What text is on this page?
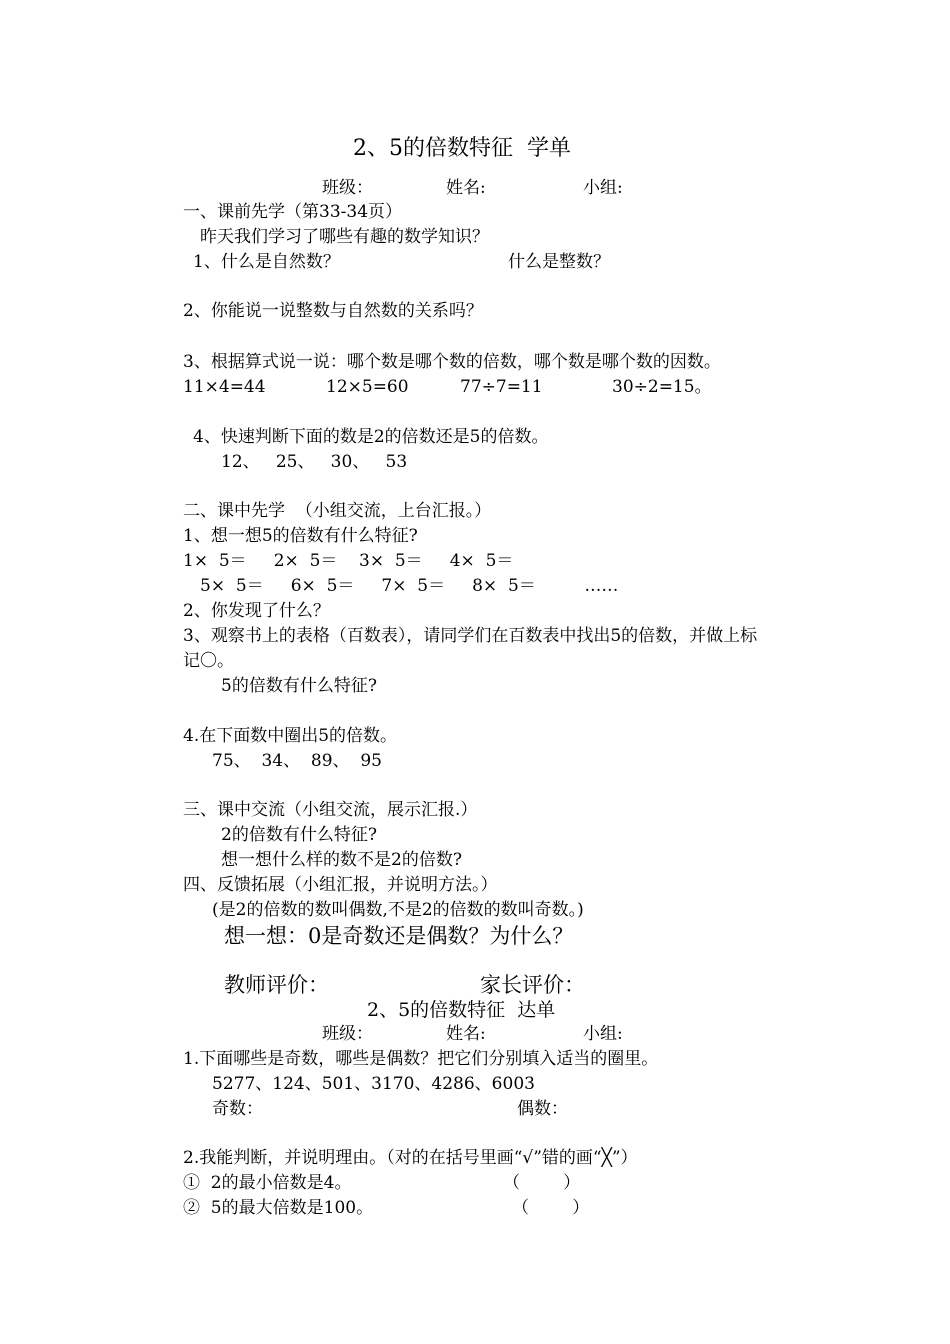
2、5的倍数特征  学单
班级：	姓名:	小组:
一、课前先学（第33-34页）
昨天我们学习了哪些有趣的数学知识？
1、什么是自然数？	什么是整数？
2、你能说一说整数与自然数的关系吗？
3、根据算式说一说：哪个数是哪个数的倍数，哪个数是哪个数的因数。
11×4=44	12×5=60	77÷7=11	30÷2=15。
4、快速判断下面的数是2的倍数还是5的倍数。
12、   25、   30、   53
二、课中先学  （小组交流，上台汇报。）
1、想一想5的倍数有什么特征?
1×  5＝     2×  5＝    3×  5＝     4×  5＝
5×  5＝     6×  5＝     7×  5＝     8×  5＝         ……
2、你发现了什么？
3、观察书上的表格（百数表），请同学们在百数表中找出5的倍数，并做上标
记〇。
5的倍数有什么特征?
4.在下面数中圈出5的倍数。
75、  34、  89、  95
三、课中交流（小组交流，展示汇报.）
2的倍数有什么特征?
想一想什么样的数不是2的倍数?
四、反馈拓展（小组汇报，并说明方法。）
(是2的倍数的数叫偶数,不是2的倍数的数叫奇数。)
想一想：0是奇数还是偶数？为什么？
教师评价：	家长评价：
2、5的倍数特征  达单
班级：	姓名:	小组:
1.下面哪些是奇数，哪些是偶数？把它们分别填入适当的圈里。
5277、124、501、3170、4286、6003
奇数：	偶数：
2.我能判断，并说明理由。（对的在括号里画“√”错的画“╳”）
①  2的最小倍数是4。	（        ）
②  5的最大倍数是100。	（        ）
